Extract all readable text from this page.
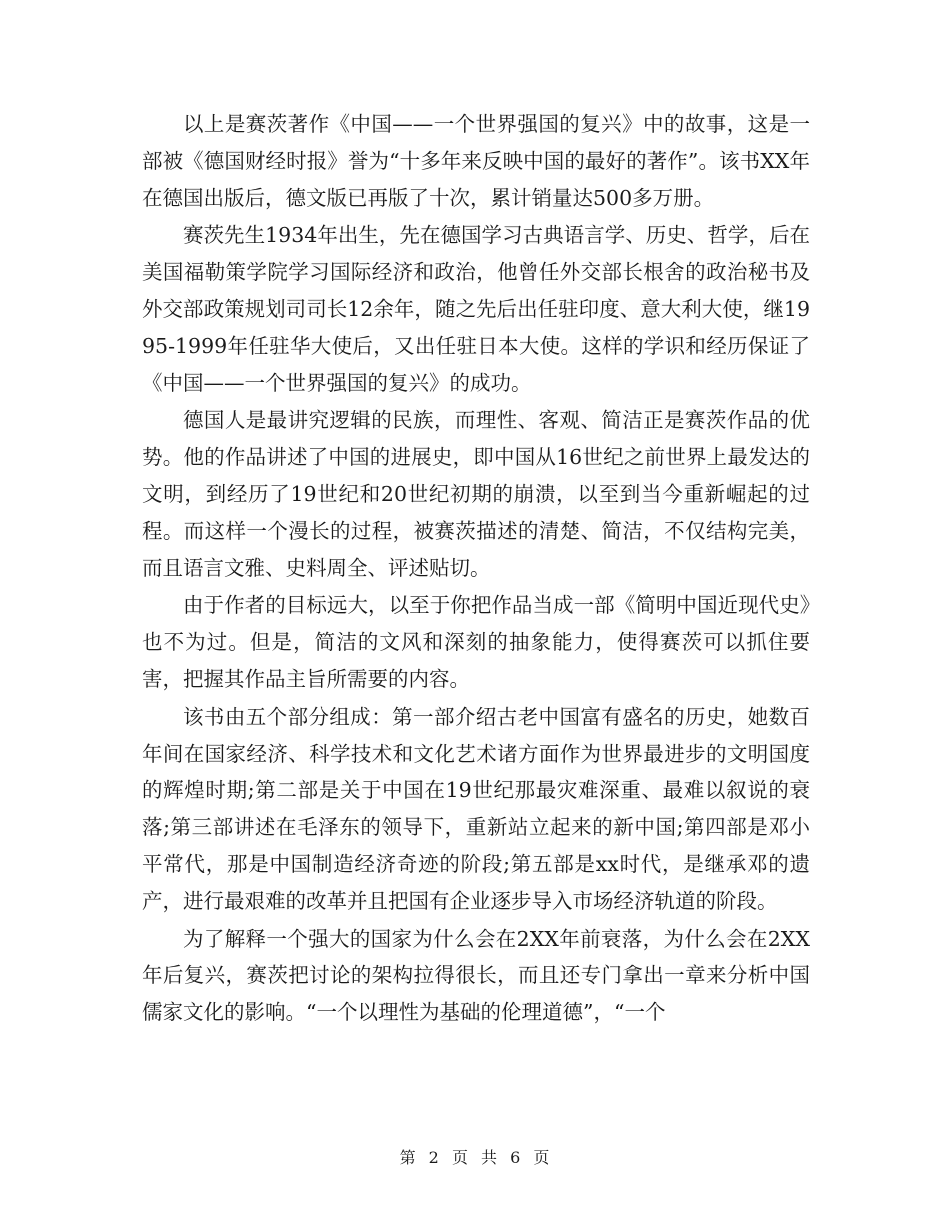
以上是赛茨著作《中国——一个世界强国的复兴》中的故事，这是一部被《德国财经时报》誉为“十多年来反映中国的最好的著作”。该书XX年在德国出版后，德文版已再版了十次，累计销量达500多万册。

赛茨先生1934年出生，先在德国学习古典语言学、历史、哲学，后在美国福勒策学院学习国际经济和政治，他曾任外交部长根舍的政治秘书及外交部政策规划司司长12余年，随之先后出任驻印度、意大利大使，继1995-1999年任驻华大使后，又出任驻日本大使。这样的学识和经历保证了《中国——一个世界强国的复兴》的成功。

德国人是最讲究逻辑的民族，而理性、客观、简洁正是赛茨作品的优势。他的作品讲述了中国的进展史，即中国从16世纪之前世界上最发达的文明，到经历了19世纪和20世纪初期的崩溃，以至到当今重新崛起的过程。而这样一个漫长的过程，被赛茨描述的清楚、简洁，不仅结构完美，而且语言文雅、史料周全、评述贴切。

由于作者的目标远大，以至于你把作品当成一部《简明中国近现代史》也不为过。但是，简洁的文风和深刻的抽象能力，使得赛茨可以抓住要害，把握其作品主旨所需要的内容。

该书由五个部分组成：第一部介绍古老中国富有盛名的历史，她数百年间在国家经济、科学技术和文化艺术诸方面作为世界最进步的文明国度的辉煌时期;第二部是关于中国在19世纪那最灾难深重、最难以叙说的衰落;第三部讲述在毛泽东的领导下，重新站立起来的新中国;第四部是邓小平常代，那是中国制造经济奇迹的阶段;第五部是xx时代，是继承邓的遗产，进行最艰难的改革并且把国有企业逐步导入市场经济轨道的阶段。

为了解释一个强大的国家为什么会在2XX年前衰落，为什么会在2XX年后复兴，赛茨把讨论的架构拉得很长，而且还专门拿出一章来分析中国儒家文化的影响。“一个以理性为基础的伦理道德”，“一个

第 2 页 共 6 页
